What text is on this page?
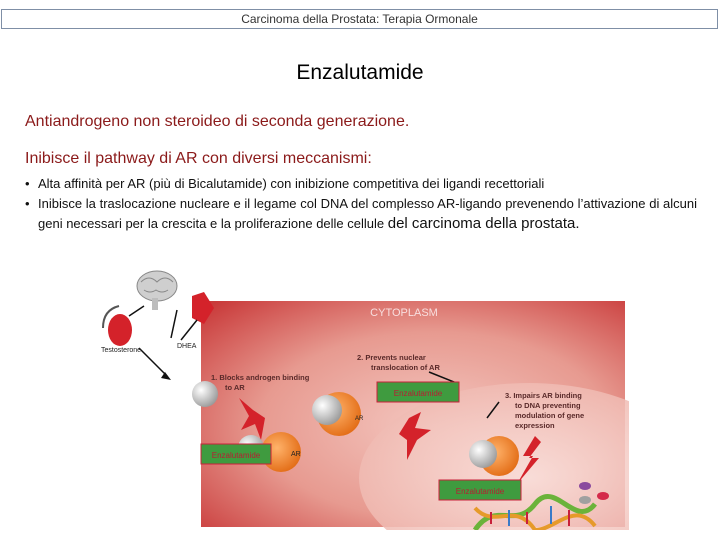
Carcinoma della Prostata: Terapia Ormonale
Enzalutamide
Antiandrogeno non steroideo di seconda generazione.
Inibisce il pathway di AR con diversi meccanismi:
• Alta affinità per AR (più di Bicalutamide) con inibizione competitiva dei ligandi recettoriali
• Inibisce la traslocazione nucleare e il legame col DNA del complesso AR-ligando prevenendo l’attivazione di alcuni geni necessari per la crescita e la proliferazione delle cellule del carcinoma della prostata.
CYTOPLASM
Testosterone
DHEA
1. Blocks androgen binding to AR
AR
Enzalutamide
2. Prevents nuclear translocation of AR
Enzalutamide
AR
3. Impairs AR binding to DNA preventing modulation of gene expression
Enzalutamide
